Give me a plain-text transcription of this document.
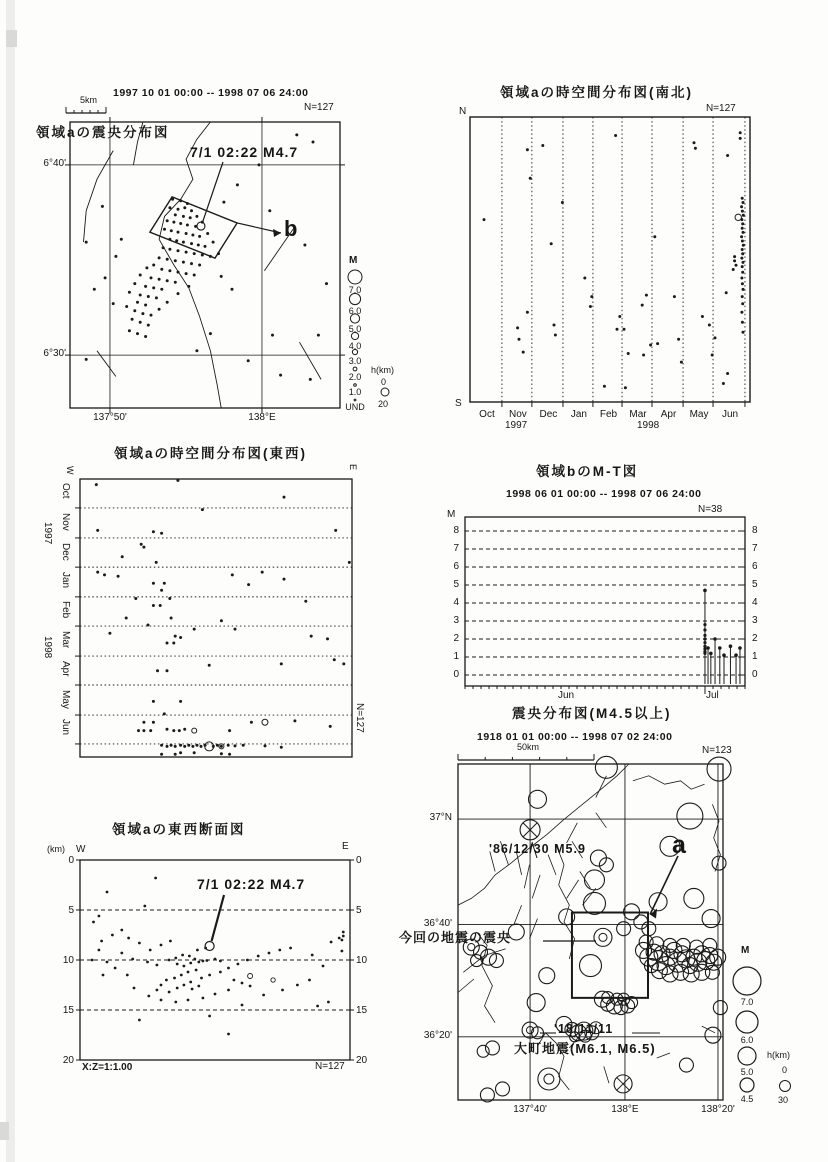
1997 10 01 00:00 -- 1998 07 06 24:00
N=127
5km
領域aの震央分布図
7/1 02:22 M4.7
b
領域aの時空間分布図(南北)
N=127
N
S
1997	1998
領域aの時空間分布図(東西)
W	E
1997
1998
N=127
領域bのM-T図
1998 06 01 00:00 -- 1998 07 06 24:00
M	N=38
Jun	Jul
領域aの東西断面図
(km) W	E
7/1 02:22 M4.7
X:Z=1:1.00	N=127
震央分布図(M4.5以上)
1918 01 01 00:00 -- 1998 07 02 24:00
50km	N=123
'86/12/30 M5.9	a
今回の地震の震央
'18/11/11
大町地震(M6.1, M6.5)
137°50'	138°E
6°40'
6°30'
M
7.0
6.0
5.0
4.0
3.0
2.0
1.0
UND
h(km)
0
20
Oct	Nov	Dec	Jan	Feb	Mar	Apr	May	Jun
Oct
Nov
Dec
Jan
Feb
Mar
Apr
May
Jun
0	0
1	1
2	2
3	3
4	4
5	5
6	6
7	7
8	8
0	0
5	5
10	10
15	15
20	20
137°40'	138°E	138°20'
37°N
36°40'
36°20'
M
7.0
6.0
5.0
4.5
h(km)
0
30
